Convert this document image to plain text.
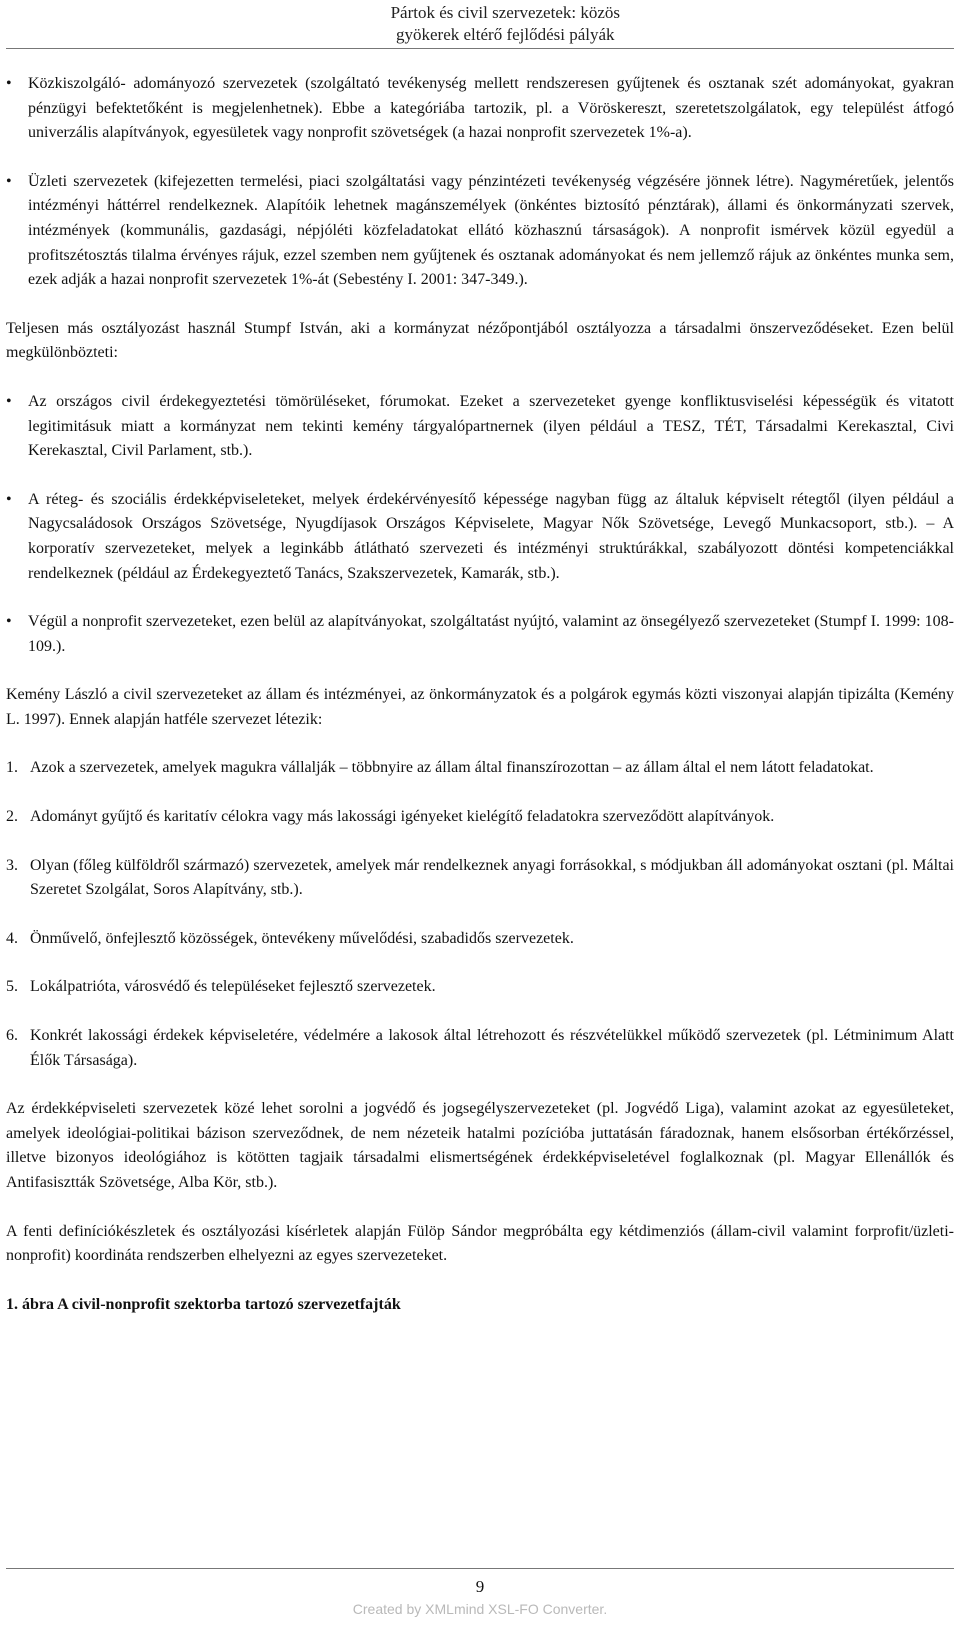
Pártok és civil szervezetek: közös
gyökerek eltérő fejlődési pályák
• Közkiszolgáló- adományozó szervezetek (szolgáltató tevékenység mellett rendszeresen gyűjtenek és osztanak szét adományokat, gyakran pénzügyi befektetőként is megjelenhetnek). Ebbe a kategóriába tartozik, pl. a Vöröskereszt, szeretetszolgálatok, egy települést átfogó univerzális alapítványok, egyesületek vagy nonprofit szövetségek (a hazai nonprofit szervezetek 1%-a).
• Üzleti szervezetek (kifejezetten termelési, piaci szolgáltatási vagy pénzintézeti tevékenység végzésére jönnek létre). Nagyméretűek, jelentős intézményi háttérrel rendelkeznek. Alapítóik lehetnek magánszemélyek (önkéntes biztosító pénztárak), állami és önkormányzati szervek, intézmények (kommunális, gazdasági, népjóléti közfeladatokat ellátó közhasznú társaságok). A nonprofit ismérvek közül egyedül a profitszétosztás tilalma érvényes rájuk, ezzel szemben nem gyűjtenek és osztanak adományokat és nem jellemző rájuk az önkéntes munka sem, ezek adják a hazai nonprofit szervezetek 1%-át (Sebestény I. 2001: 347-349.).

Teljesen más osztályozást használ Stumpf István, aki a kormányzat nézőpontjából osztályozza a társadalmi önszerveződéseket. Ezen belül megkülönbözteti:

• Az országos civil érdekegyeztetési tömörüléseket, fórumokat. Ezeket a szervezeteket gyenge konfliktusviselési képességük és vitatott legitimitásuk miatt a kormányzat nem tekinti kemény tárgyalópartnernek (ilyen például a TESZ, TÉT, Társadalmi Kerekasztal, Civi Kerekasztal, Civil Parlament, stb.).
• A réteg- és szociális érdekképviseleteket, melyek érdekérvényesítő képessége nagyban függ az általuk képviselt rétegtől (ilyen például a Nagycsaládosok Országos Szövetsége, Nyugdíjasok Országos Képviselete, Magyar Nők Szövetsége, Levegő Munkacsoport, stb.). – A korporatív szervezeteket, melyek a leginkább átlátható szervezeti és intézményi struktúrákkal, szabályozott döntési kompetenciákkal rendelkeznek (például az Érdekegyeztető Tanács, Szakszervezetek, Kamarák, stb.).
• Végül a nonprofit szervezeteket, ezen belül az alapítványokat, szolgáltatást nyújtó, valamint az önsegélyező szervezeteket (Stumpf I. 1999: 108-109.).

Kemény László a civil szervezeteket az állam és intézményei, az önkormányzatok és a polgárok egymás közti viszonyai alapján tipizálta (Kemény L. 1997). Ennek alapján hatféle szervezet létezik:

1. Azok a szervezetek, amelyek magukra vállalják – többnyire az állam által finanszírozottan – az állam által el nem látott feladatokat.
2. Adományt gyűjtő és karitatív célokra vagy más lakossági igényeket kielégítő feladatokra szerveződött alapítványok.
3. Olyan (főleg külföldről származó) szervezetek, amelyek már rendelkeznek anyagi forrásokkal, s módjukban áll adományokat osztani (pl. Máltai Szeretet Szolgálat, Soros Alapítvány, stb.).
4. Önművelő, önfejlesztő közösségek, öntevékeny művelődési, szabadidős szervezetek.
5. Lokálpatrióta, városvédő és településeket fejlesztő szervezetek.
6. Konkrét lakossági érdekek képviseletére, védelmére a lakosok által létrehozott és részvételükkel működő szervezetek (pl. Létminimum Alatt Élők Társasága).

Az érdekképviseleti szervezetek közé lehet sorolni a jogvédő és jogsegélyszervezeteket (pl. Jogvédő Liga), valamint azokat az egyesületeket, amelyek ideológiai-politikai bázison szerveződnek, de nem nézeteik hatalmi pozícióba juttatásán fáradoznak, hanem elsősorban értékőrzéssel, illetve bizonyos ideológiához is kötötten tagjaik társadalmi elismertségének érdekképviseletével foglalkoznak (pl. Magyar Ellenállók és Antifasisztták Szövetsége, Alba Kör, stb.).

A fenti definíciókészletek és osztályozási kísérletek alapján Fülöp Sándor megpróbálta egy kétdimenziós (állam-civil valamint forprofit/üzleti-nonprofit) koordináta rendszerben elhelyezni az egyes szervezeteket.

1. ábra A civil-nonprofit szektorba tartozó szervezetfajták

9
Created by XMLmind XSL-FO Converter.
